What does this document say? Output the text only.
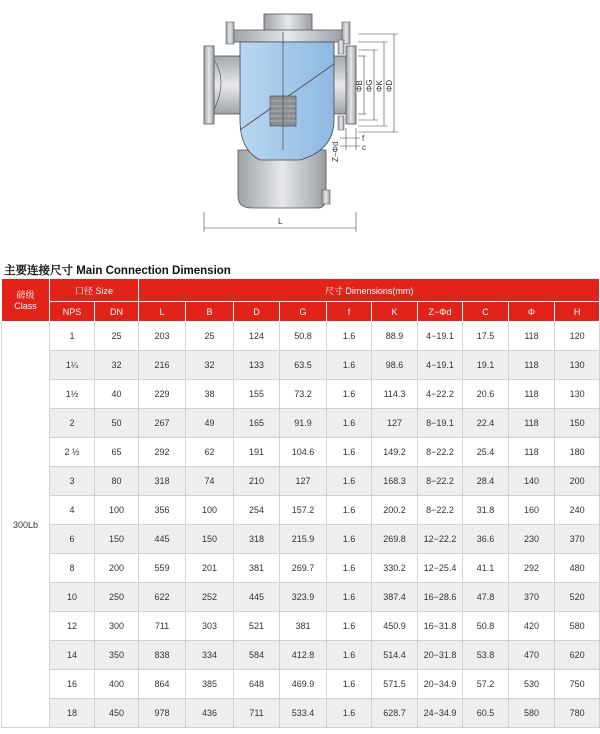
ΦB ΦG ΦK ΦD
Z−Φd
f
c
L
主要连接尺寸 Main Connection Dimension
磅级
Class	口径 Size		尺寸 Dimensions(mm)									
	NPS	DN	L	B	D	G	f	K	Z−Φd	C	Φ	H
300Lb	1	25	203	25	124	50.8	1.6	88.9	4−19.1	17.5	118	120
	1¼	32	216	32	133	63.5	1.6	98.6	4−19.1	19.1	118	130
	1½	40	229	38	155	73.2	1.6	114.3	4−22.2	20.6	118	130
	2	50	267	49	165	91.9	1.6	127	8−19.1	22.4	118	150
	2 ½	65	292	62	191	104.6	1.6	149.2	8−22.2	25.4	118	180
	3	80	318	74	210	127	1.6	168.3	8−22.2	28.4	140	200
	4	100	356	100	254	157.2	1.6	200.2	8−22.2	31.8	160	240
	6	150	445	150	318	215.9	1.6	269.8	12−22.2	36.6	230	370
	8	200	559	201	381	269.7	1.6	330.2	12−25.4	41.1	292	480
	10	250	622	252	445	323.9	1.6	387.4	16−28.6	47.8	370	520
	12	300	711	303	521	381	1.6	450.9	16−31.8	50.8	420	580
	14	350	838	334	584	412.8	1.6	514.4	20−31.8	53.8	470	620
	16	400	864	385	648	469.9	1.6	571.5	20−34.9	57.2	530	750
	18	450	978	436	711	533.4	1.6	628.7	24−34.9	60.5	580	780
